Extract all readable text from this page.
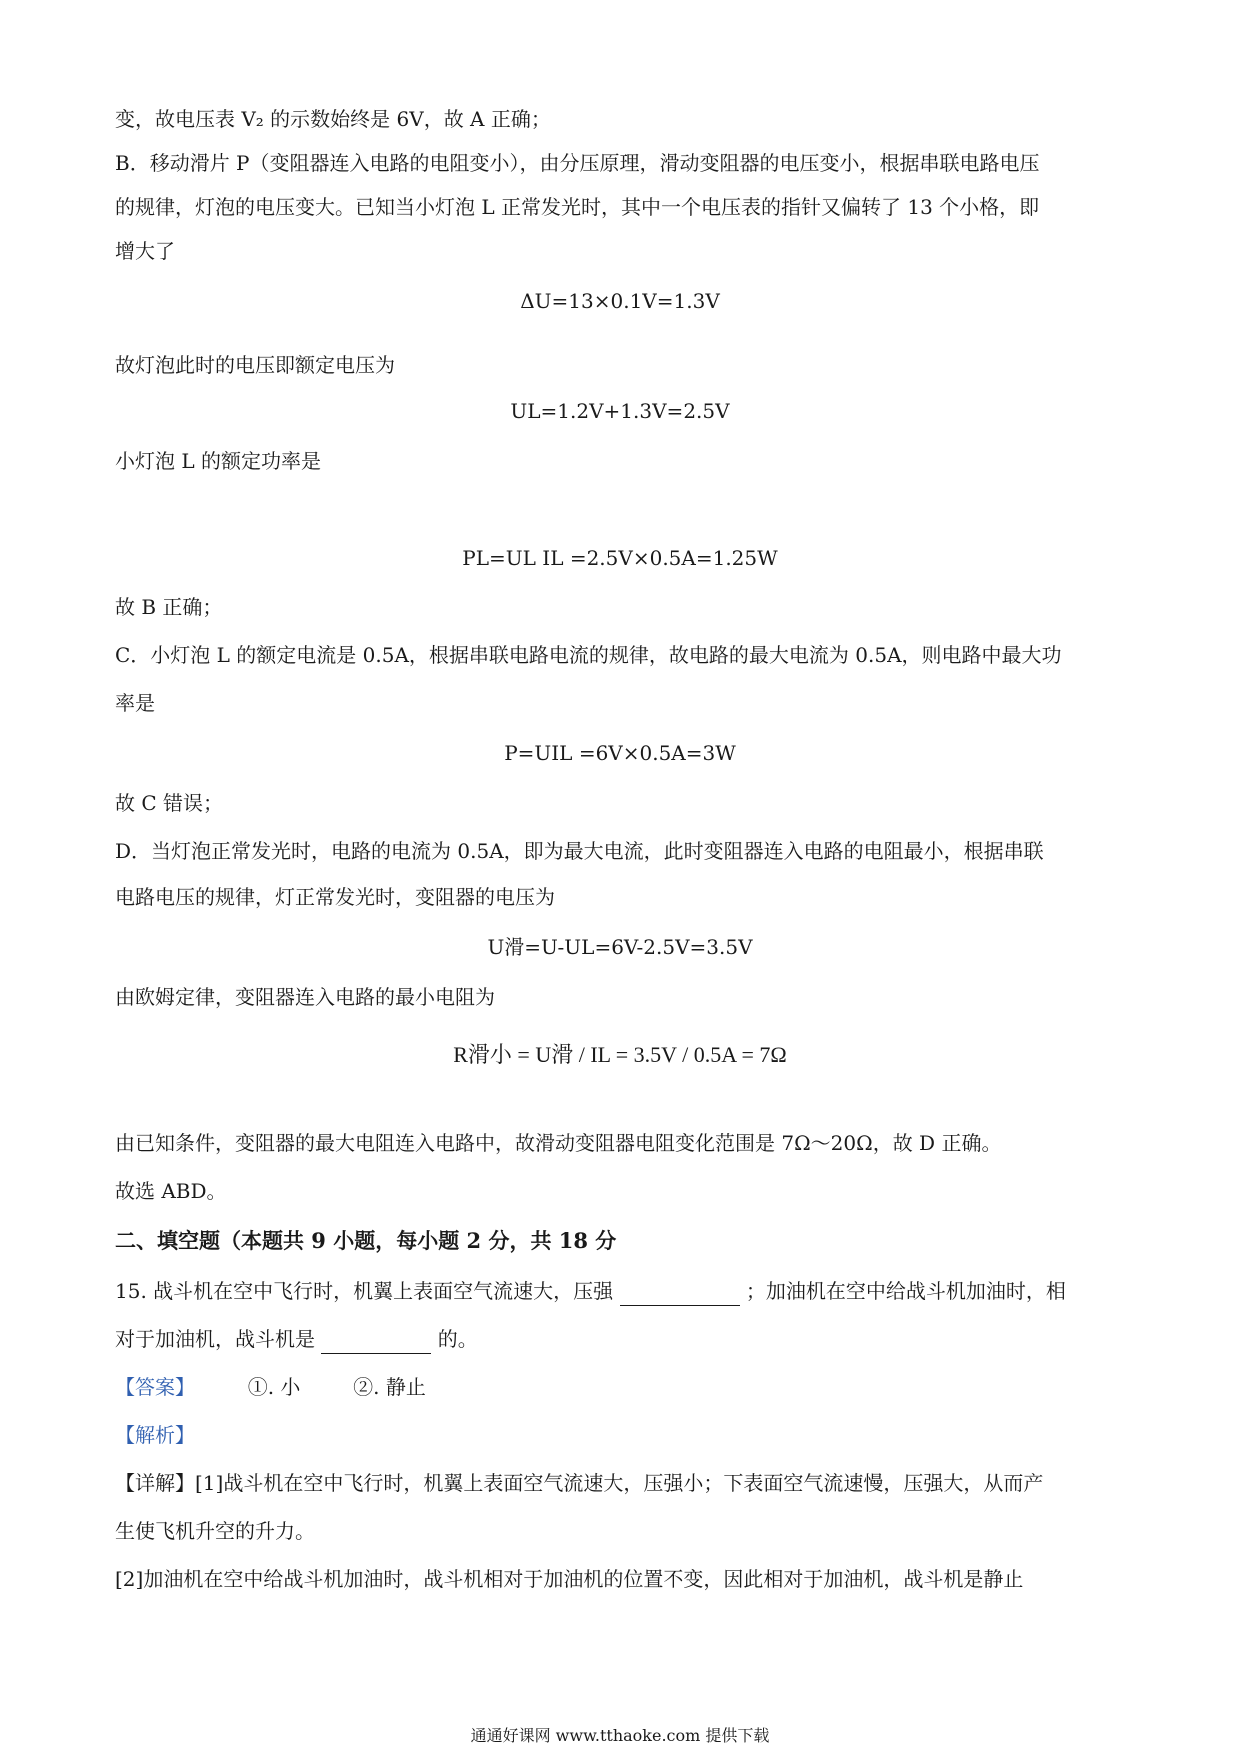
变，故电压表 V₂ 的示数始终是 6V，故 A 正确；
B．移动滑片 P（变阻器连入电路的电阻变小），由分压原理，滑动变阻器的电压变小，根据串联电路电压
的规律，灯泡的电压变大。已知当小灯泡 L 正常发光时，其中一个电压表的指针又偏转了 13 个小格，即
增大了
ΔU=13×0.1V=1.3V
故灯泡此时的电压即额定电压为
UL=1.2V+1.3V=2.5V
小灯泡 L 的额定功率是
PL=UL IL =2.5V×0.5A=1.25W
故 B 正确；
C．小灯泡 L 的额定电流是 0.5A，根据串联电路电流的规律，故电路的最大电流为 0.5A，则电路中最大功
率是
P=UIL =6V×0.5A=3W
故 C 错误；
D．当灯泡正常发光时，电路的电流为 0.5A，即为最大电流，此时变阻器连入电路的电阻最小，根据串联
电路电压的规律，灯正常发光时，变阻器的电压为
U滑=U-UL=6V-2.5V=3.5V
由欧姆定律，变阻器连入电路的最小电阻为
R滑小 = U滑 / IL = 3.5V / 0.5A = 7Ω
由已知条件，变阻器的最大电阻连入电路中，故滑动变阻器电阻变化范围是 7Ω～20Ω，故 D 正确。
故选 ABD。
二、填空题（本题共 9 小题，每小题 2 分，共 18 分
15. 战斗机在空中飞行时，机翼上表面空气流速大，压强	；加油机在空中给战斗机加油时，相
对于加油机，战斗机是	的。
【答案】	①. 小	②. 静止
【解析】
【详解】[1]战斗机在空中飞行时，机翼上表面空气流速大，压强小；下表面空气流速慢，压强大，从而产
生使飞机升空的升力。
[2]加油机在空中给战斗机加油时，战斗机相对于加油机的位置不变，因此相对于加油机，战斗机是静止
通通好课网 www.tthaoke.com 提供下载
